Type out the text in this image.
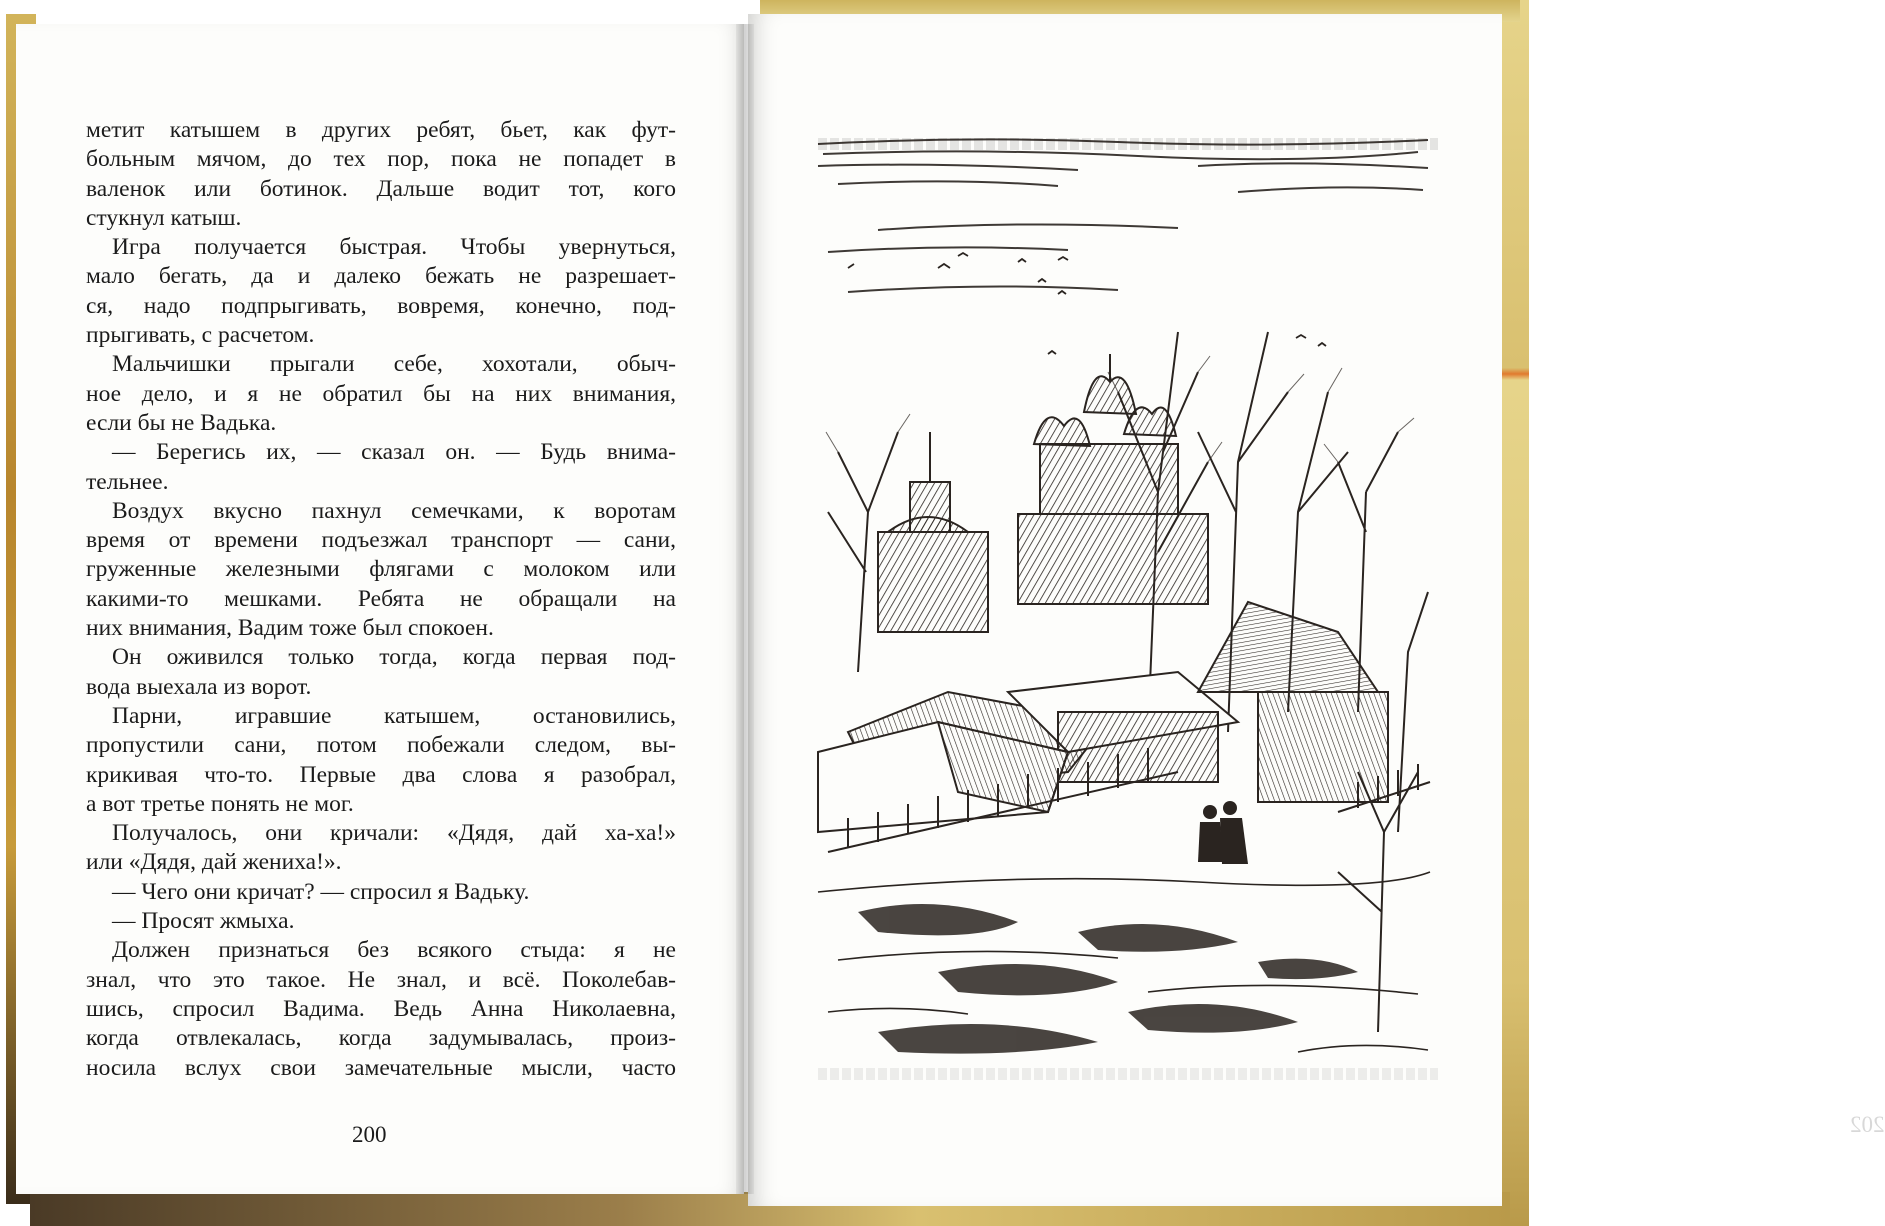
метит катышем в других ребят, бьет, как фут-
больным мячом, до тех пор, пока не попадет в
валенок или ботинок. Дальше водит тот, кого
стукнул катыш.

Игра получается быстрая. Чтобы увернуться,
мало бегать, да и далеко бежать не разрешает-
ся, надо подпрыгивать, вовремя, конечно, под-
прыгивать, с расчетом.

Мальчишки прыгали себе, хохотали, обыч-
ное дело, и я не обратил бы на них внимания,
если бы не Вадька.

— Берегись их, — сказал он. — Будь внима-
тельнее.

Воздух вкусно пахнул семечками, к воротам
время от времени подъезжал транспорт — сани,
груженные железными флягами с молоком или
какими-то мешками. Ребята не обращали на
них внимания, Вадим тоже был спокоен.

Он оживился только тогда, когда первая под-
вода выехала из ворот.

Парни, игравшие катышем, остановились,
пропустили сани, потом побежали следом, вы-
крикивая что-то. Первые два слова я разобрал,
а вот третье понять не мог.

Получалось, они кричали: «Дядя, дай ха-ха!»
или «Дядя, дай жениха!».

— Чего они кричат? — спросил я Вадьку.

— Просят жмыха.

Должен признаться без всякого стыда: я не
знал, что это такое. Не знал, и всё. Поколебав-
шись, спросил Вадима. Ведь Анна Николаевна,
когда отвлекалась, когда задумывалась, произ-
носила вслух свои замечательные мысли, часто

200	202
